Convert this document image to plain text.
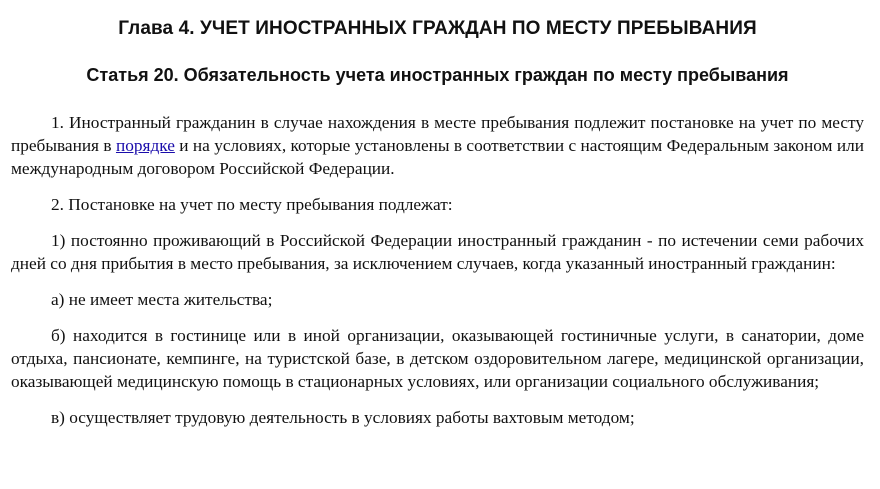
Глава 4. УЧЕТ ИНОСТРАННЫХ ГРАЖДАН ПО МЕСТУ ПРЕБЫВАНИЯ
Статья 20. Обязательность учета иностранных граждан по месту пребывания

1. Иностранный гражданин в случае нахождения в месте пребывания подлежит постановке на учет по месту пребывания в порядке и на условиях, которые установлены в соответствии с настоящим Федеральным законом или международным договором Российской Федерации.

2. Постановке на учет по месту пребывания подлежат:

1) постоянно проживающий в Российской Федерации иностранный гражданин - по истечении семи рабочих дней со дня прибытия в место пребывания, за исключением случаев, когда указанный иностранный гражданин:

а) не имеет места жительства;

б) находится в гостинице или в иной организации, оказывающей гостиничные услуги, в санатории, доме отдыха, пансионате, кемпинге, на туристской базе, в детском оздоровительном лагере, медицинской организации, оказывающей медицинскую помощь в стационарных условиях, или организации социального обслуживания;

в) осуществляет трудовую деятельность в условиях работы вахтовым методом;
